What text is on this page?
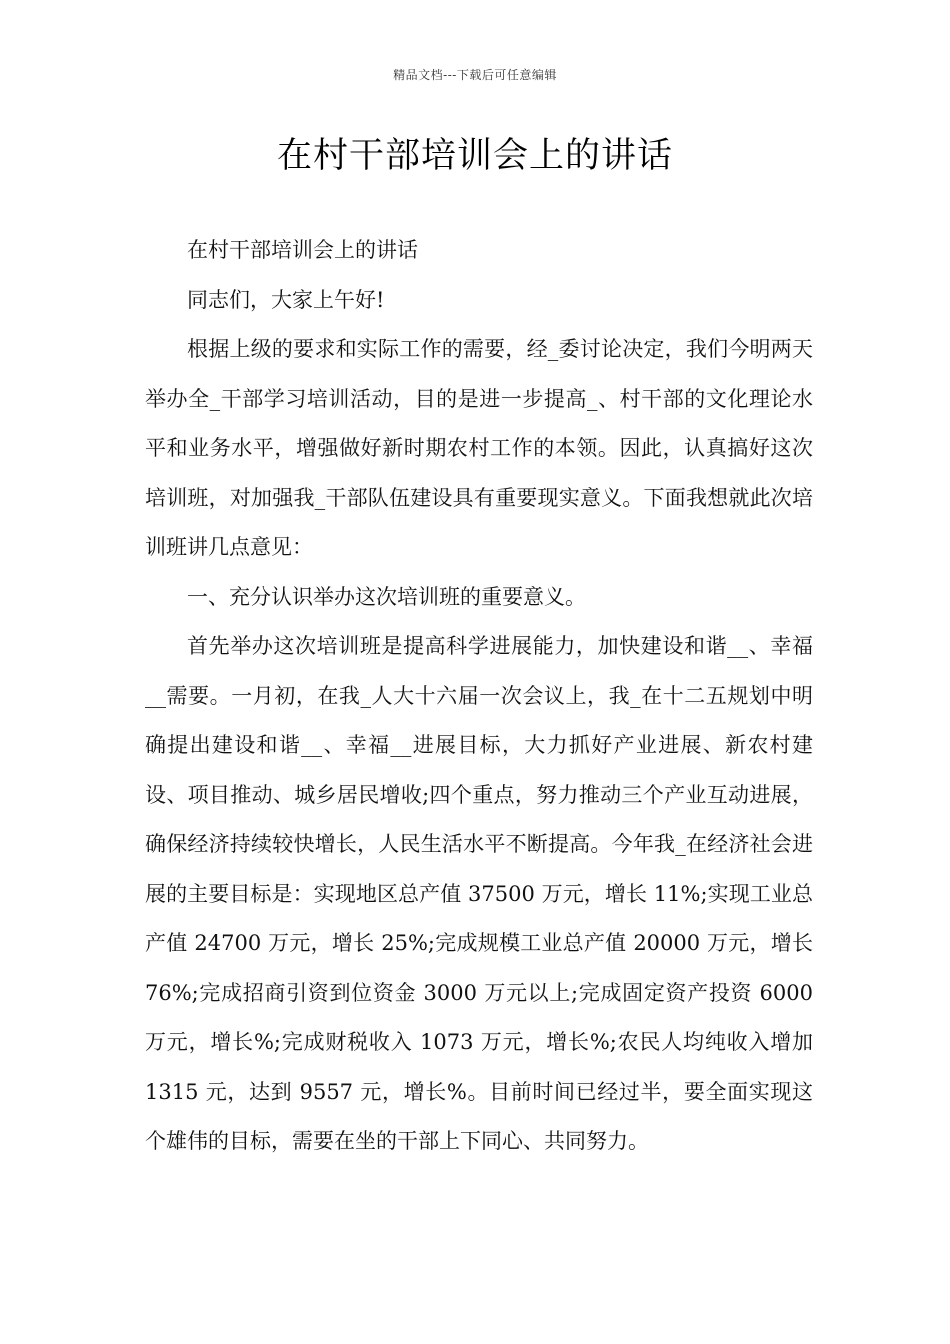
精品文档---下载后可任意编辑
在村干部培训会上的讲话

在村干部培训会上的讲话

同志们，大家上午好!

根据上级的要求和实际工作的需要，经_委讨论决定，我们今明两天举办全_干部学习培训活动，目的是进一步提高_、村干部的文化理论水平和业务水平，增强做好新时期农村工作的本领。因此，认真搞好这次培训班，对加强我_干部队伍建设具有重要现实意义。下面我想就此次培训班讲几点意见：

一、充分认识举办这次培训班的重要意义。

首先举办这次培训班是提高科学进展能力，加快建设和谐__、幸福__需要。一月初，在我_人大十六届一次会议上，我_在十二五规划中明确提出建设和谐__、幸福__进展目标，大力抓好产业进展、新农村建设、项目推动、城乡居民增收;四个重点，努力推动三个产业互动进展，确保经济持续较快增长，人民生活水平不断提高。今年我_在经济社会进展的主要目标是：实现地区总产值 37500 万元，增长 11%;实现工业总产值 24700 万元，增长 25%;完成规模工业总产值 20000 万元，增长 76%;完成招商引资到位资金 3000 万元以上;完成固定资产投资 6000 万元，增长%;完成财税收入 1073 万元，增长%;农民人均纯收入增加 1315 元，达到 9557 元，增长%。目前时间已经过半，要全面实现这个雄伟的目标，需要在坐的干部上下同心、共同努力。
